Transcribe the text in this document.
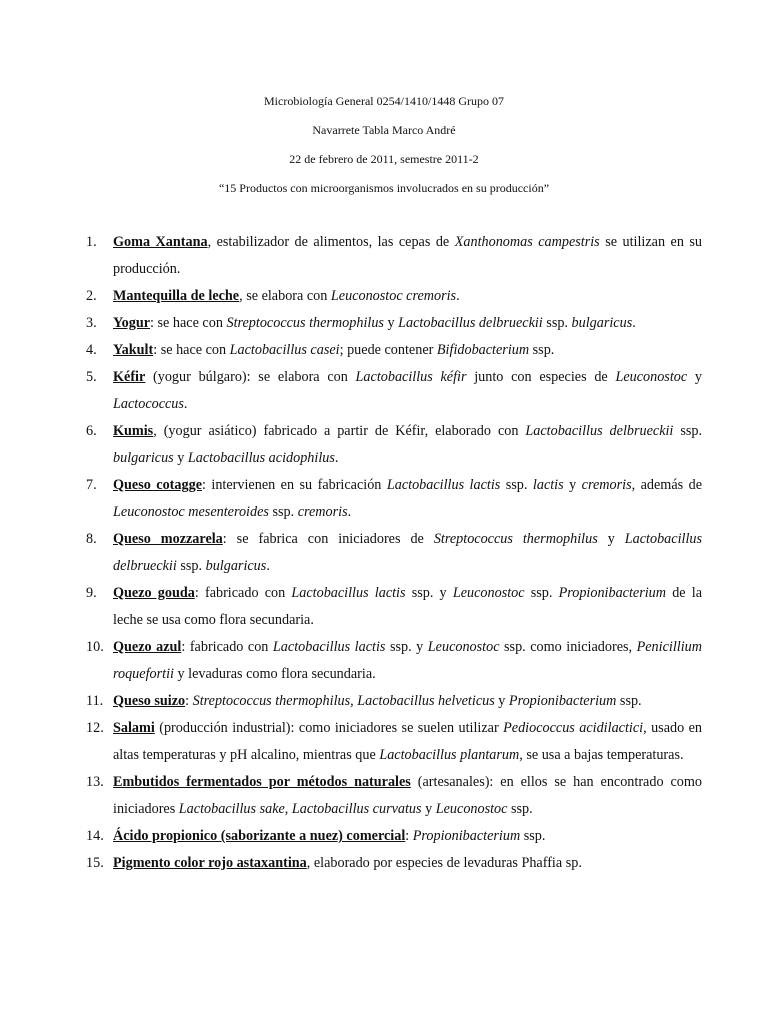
Microbiología General 0254/1410/1448 Grupo 07
Navarrete Tabla Marco André
22 de febrero de 2011, semestre 2011-2
“15 Productos con microorganismos involucrados en su producción”
1.	Goma Xantana, estabilizador de alimentos, las cepas de Xanthonomas campestris se utilizan en su producción.
2.	Mantequilla de leche, se elabora con Leuconostoc cremoris.
3.	Yogur: se hace con Streptococcus thermophilus y Lactobacillus delbrueckii ssp. bulgaricus.
4.	Yakult: se hace con Lactobacillus casei; puede contener Bifidobacterium ssp.
5.	Kéfir (yogur búlgaro): se elabora con Lactobacillus kéfir junto con especies de Leuconostoc y Lactococcus.
6.	Kumis, (yogur asiático) fabricado a partir de Kéfir, elaborado con Lactobacillus delbrueckii ssp. bulgaricus y Lactobacillus acidophilus.
7.	Queso cotagge: intervienen en su fabricación Lactobacillus lactis ssp. lactis y cremoris, además de Leuconostoc mesenteroides ssp. cremoris.
8.	Queso mozzarela: se fabrica con iniciadores de Streptococcus thermophilus y Lactobacillus delbrueckii ssp. bulgaricus.
9.	Quezo gouda: fabricado con Lactobacillus lactis ssp. y Leuconostoc ssp. Propionibacterium de la leche se usa como flora secundaria.
10. Quezo azul: fabricado con Lactobacillus lactis ssp. y Leuconostoc ssp. como iniciadores, Penicillium roquefortii y levaduras como flora secundaria.
11. Queso suizo: Streptococcus thermophilus, Lactobacillus helveticus y Propionibacterium ssp.
12. Salami (producción industrial): como iniciadores se suelen utilizar Pediococcus acidilactici, usado en altas temperaturas y pH alcalino, mientras que Lactobacillus plantarum, se usa a bajas temperaturas.
13. Embutidos fermentados por métodos naturales (artesanales): en ellos se han encontrado como iniciadores Lactobacillus sake, Lactobacillus curvatus y Leuconostoc ssp.
14. Ácido propionico (saborizante a nuez) comercial: Propionibacterium ssp.
15. Pigmento color rojo astaxantina, elaborado por especies de levaduras Phaffia sp.
